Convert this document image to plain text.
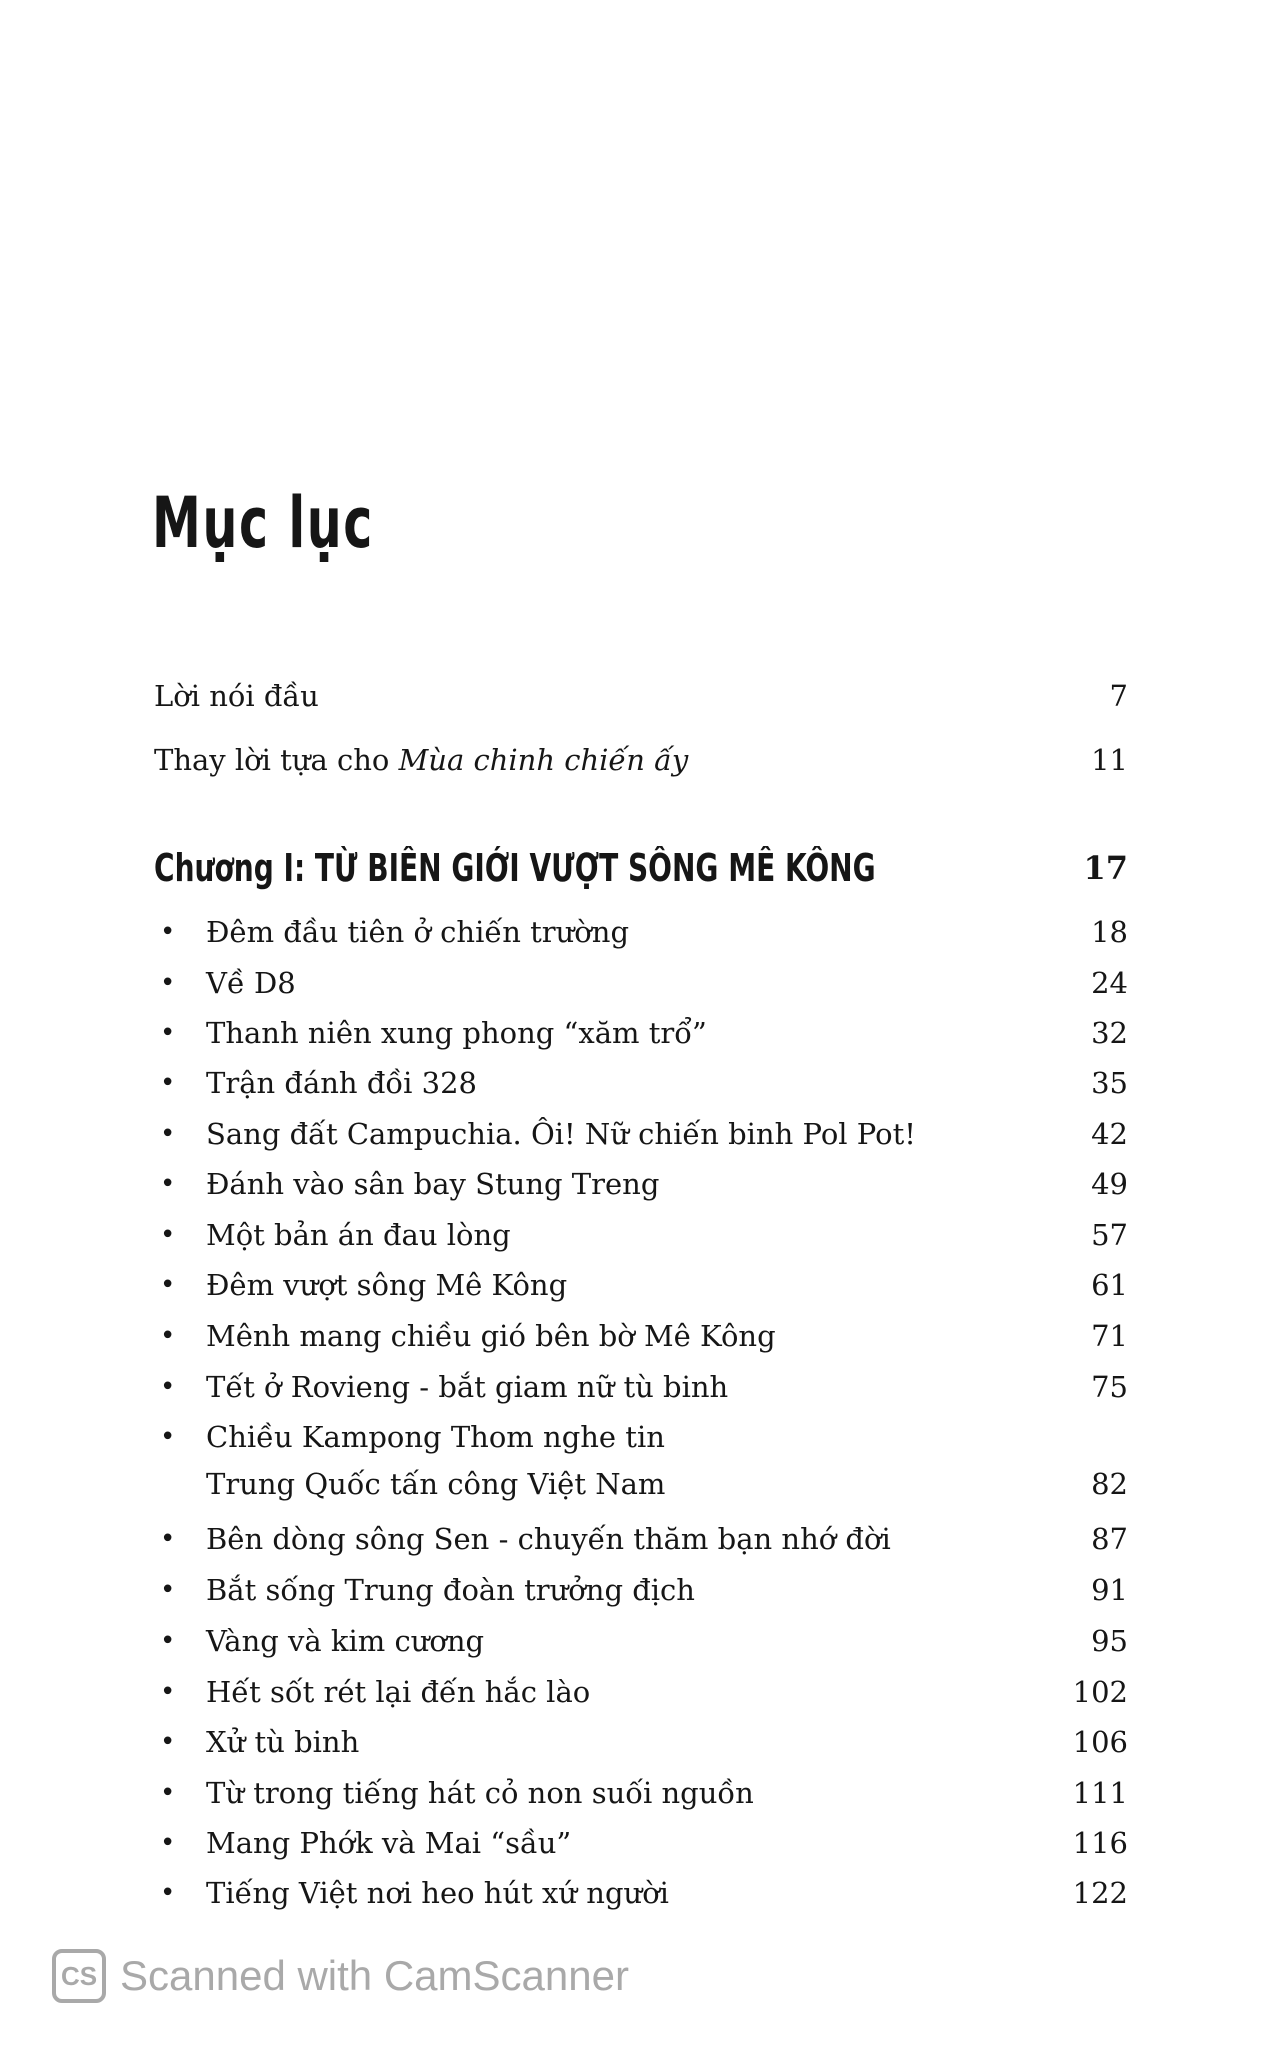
Mục lục
Lời nói đầu	7
Thay lời tựa cho Mùa chinh chiến ấy	11
Chương I: TỪ BIÊN GIỚI VƯỢT SÔNG MÊ KÔNG	17
• Đêm đầu tiên ở chiến trường	18
• Về D8	24
• Thanh niên xung phong “xăm trổ”	32
• Trận đánh đồi 328	35
• Sang đất Campuchia. Ôi! Nữ chiến binh Pol Pot!	42
• Đánh vào sân bay Stung Treng	49
• Một bản án đau lòng	57
• Đêm vượt sông Mê Kông	61
• Mênh mang chiều gió bên bờ Mê Kông	71
• Tết ở Rovieng - bắt giam nữ tù binh	75
• Chiều Kampong Thom nghe tin
Trung Quốc tấn công Việt Nam	82
• Bên dòng sông Sen - chuyến thăm bạn nhớ đời	87
• Bắt sống Trung đoàn trưởng địch	91
• Vàng và kim cương	95
• Hết sốt rét lại đến hắc lào	102
• Xử tù binh	106
• Từ trong tiếng hát cỏ non suối nguồn	111
• Mang Phớk và Mai “sầu”	116
• Tiếng Việt nơi heo hút xứ người	122
CS Scanned with CamScanner
